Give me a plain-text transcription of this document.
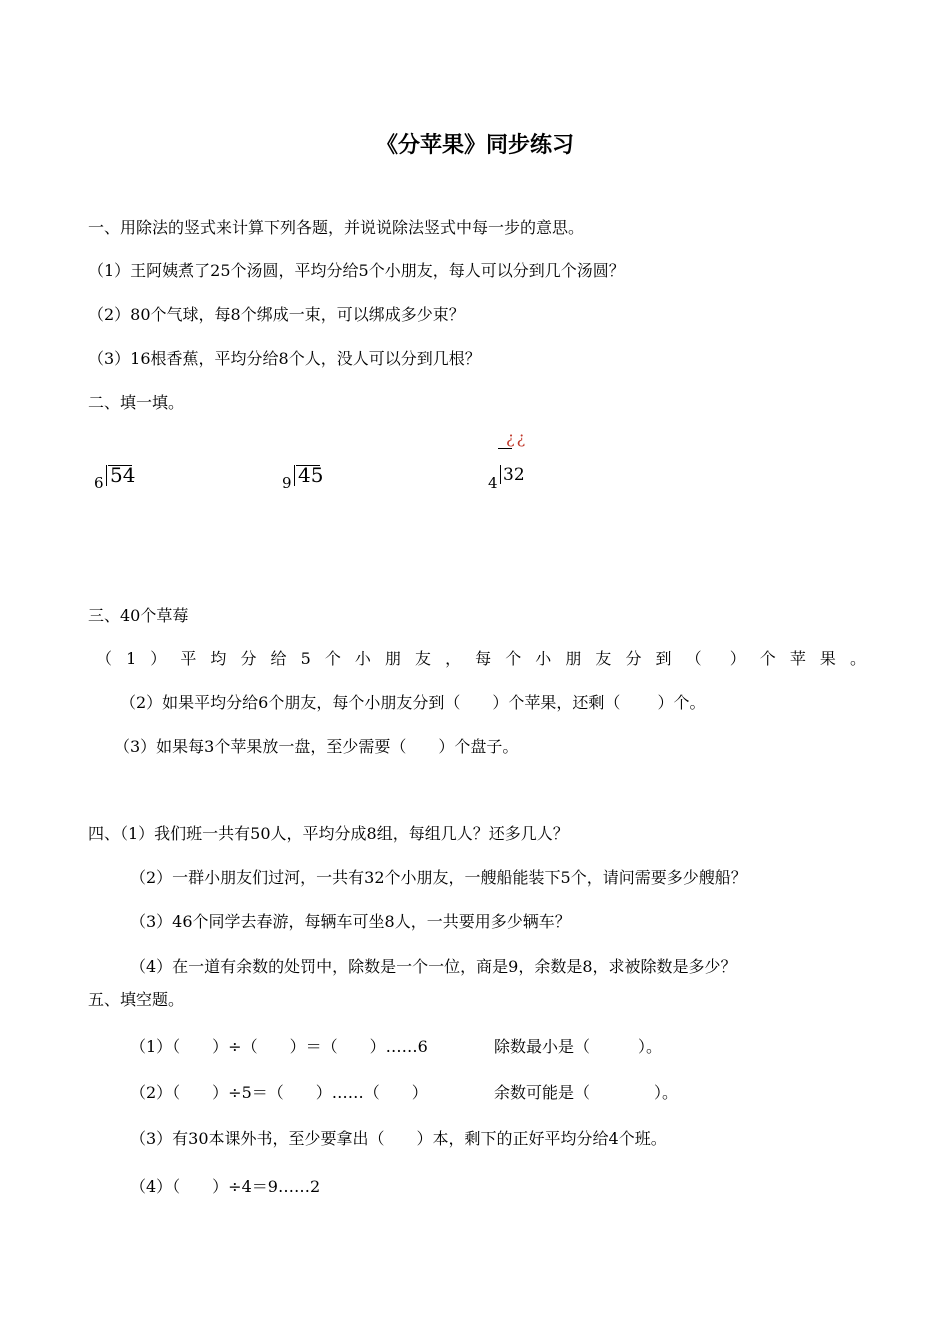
《分苹果》同步练习
一、用除法的竖式来计算下列各题，并说说除法竖式中每一步的意思。
（1）王阿姨煮了25个汤圆，平均分给5个小朋友，每人可以分到几个汤圆？
（2）80个气球，每8个绑成一束，可以绑成多少束？
（3）16根香蕉，平均分给8个人，没人可以分到几根？
二、填一填。
6 54	9 45
¿¿
4 32
三、40个草莓
（ 1 ） 平 均 分 给 5 个 小 朋 友 ， 每 个 小 朋 友 分 到 （ ） 个 苹 果 。
（2）如果平均分给6个朋友，每个小朋友分到（　　）个苹果，还剩（　　 ）个。
（3）如果每3个苹果放一盘，至少需要（　　）个盘子。
四、（1）我们班一共有50人，平均分成8组，每组几人？还多几人？
（2）一群小朋友们过河，一共有32个小朋友，一艘船能装下5个，请问需要多少艘船？
（3）46个同学去春游，每辆车可坐8人，一共要用多少辆车？
（4）在一道有余数的处罚中，除数是一个一位，商是9，余数是8，求被除数是多少？
五、填空题。
（1）（　　）÷（　　）＝（　　）……6	除数最小是（　　　）。
（2）（　　）÷5＝（　　）……（　　）	余数可能是（　　　　）。
（3）有30本课外书，至少要拿出（　　）本，剩下的正好平均分给4个班。
（4）（　　）÷4＝9……2
